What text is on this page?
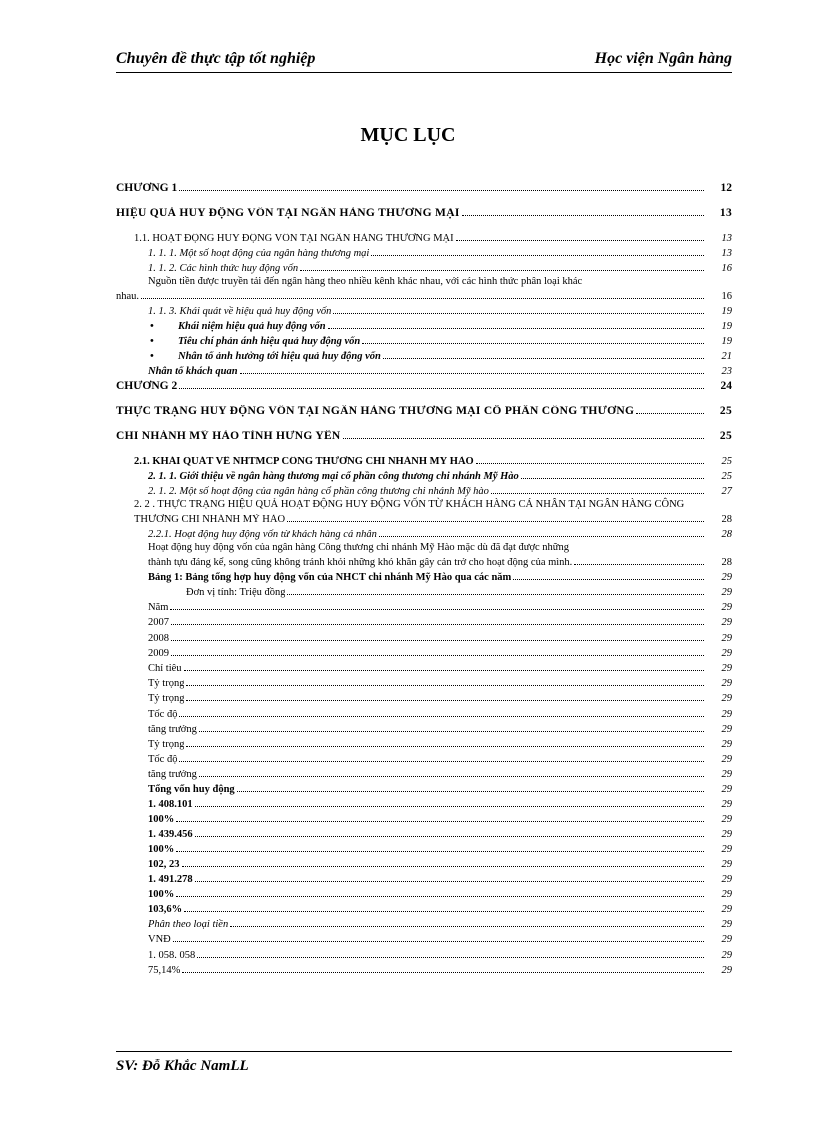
Chuyên đề thực tập tốt nghiệp	Học viện Ngân hàng
MỤC LỤC
CHƯƠNG 1	12
HIỆU QUẢ HUY ĐỘNG VỐN TẠI NGÂN HÀNG THƯƠNG MẠI	13
1.1. HOẠT ĐỘNG HUY ĐỘNG VỐN TẠI NGÂN HÀNG THƯƠNG MẠI	13
1. 1. 1. Một số hoạt động của ngân hàng thương mại	13
1. 1. 2. Các hình thức huy động vốn	16
Nguồn tiền được truyền tải đến ngân hàng theo nhiều kênh khác nhau, với các hình thức phân loại khác
nhau.	16
1. 1. 3. Khái quát về hiệu quả huy động vốn	19
• Khái niệm hiệu quả huy động vốn	19
• Tiêu chí phản ánh hiệu quả huy động vốn	19
• Nhân tố ảnh hưởng tới hiệu quả huy động vốn	21
Nhân tố khách quan	23
CHƯƠNG 2	24
THỰC TRẠNG HUY ĐỘNG VỐN TẠI NGÂN HÀNG THƯƠNG MẠI CỔ PHẦN CÔNG THƯƠNG	25
CHI NHÁNH MỸ HÀO TỈNH HƯNG YÊN	25
2.1. KHÁI QUÁT VỀ NHTMCP CÔNG THƯƠNG CHI NHÁNH MỸ HÀO	25
2. 1. 1. Giới thiệu về ngân hàng thương mại cổ phần công thương chi nhánh Mỹ Hào	25
2. 1. 2. Một số hoạt động của ngân hàng cổ phần công thương chi nhánh Mỹ hào	27
2. 2 . THỰC TRẠNG HIỆU QUẢ HOẠT ĐỘNG HUY ĐỘNG VỐN TỪ KHÁCH HÀNG CÁ NHÂN TẠI NGÂN HÀNG CÔNG
THƯƠNG CHI NHÁNH MỸ HÀO	28
2.2.1. Hoạt động huy động vốn từ khách hàng cá nhân	28
Hoạt động huy động vốn của ngân hàng Công thương chi nhánh Mỹ Hào mặc dù đã đạt được những
thành tựu đáng kể, song cũng không tránh khỏi những khó khăn gây cản trở cho hoạt động của mình.	28
Bảng 1: Bảng tổng hợp huy động vốn của NHCT chi nhánh Mỹ Hào qua các năm	29
Đơn vị tính: Triệu đồng	29
Năm	29
2007	29
2008	29
2009	29
Chỉ tiêu	29
Tỷ trọng	29
Tỷ trọng	29
Tốc độ	29
tăng trưởng	29
Tỷ trọng	29
Tốc độ	29
tăng trưởng	29
Tổng vốn huy động	29
1. 408.101	29
100%	29
1. 439.456	29
100%	29
102, 23	29
1. 491.278	29
100%	29
103,6%	29
Phân theo loại tiền	29
VNĐ	29
1. 058. 058	29
75,14%	29
SV: Đỗ Khắc NamLL
